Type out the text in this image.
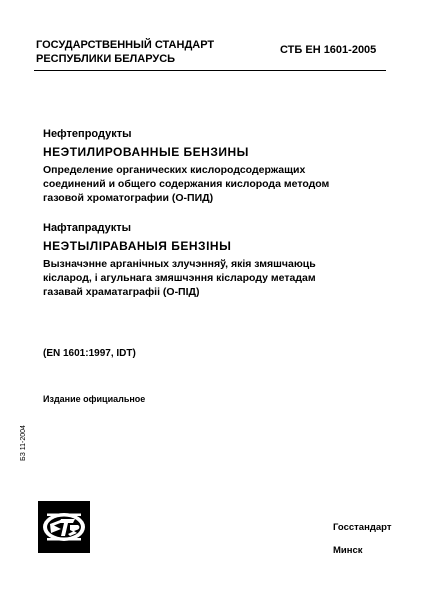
ГОСУДАРСТВЕННЫЙ СТАНДАРТ
РЕСПУБЛИКИ БЕЛАРУСЬ
СТБ ЕН 1601-2005
Нефтепродукты
НЕЭТИЛИРОВАННЫЕ БЕНЗИНЫ
Определение органических кислородсодержащих
соединений и общего содержания кислорода методом
газовой хроматографии (О-ПИД)
Нафтапрадукты
НЕЭТЫЛІРАВАНЫЯ БЕНЗІНЫ
Вызначэнне арганічных злучэнняў, якія змяшчаюць
кісларод, і агульнага змяшчэння кіслароду метадам
газавай храматаграфіі (О-ПІД)
(EN 1601:1997, IDT)
Издание официальное
БЗ 11-2004
Госстандарт
Минск
